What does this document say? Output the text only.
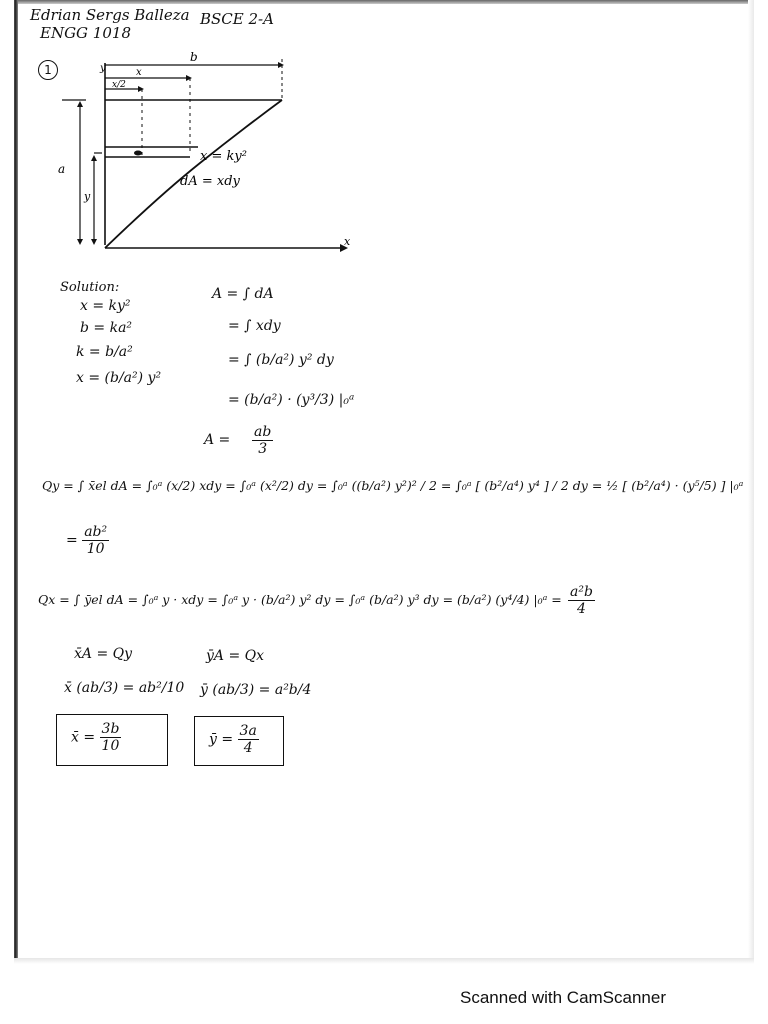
Edrian Sergs Balleza BSCE 2-A
ENGG 1018
1
b
x
x/2
y
a
y
x
x = ky²
dA = xdy
Solution:
x = ky²
b = ka²
k = b/a²
x = (b/a²) y²
A = ∫ dA
= ∫ xdy
= ∫ (b/a²) y² dy
= (b/a²) · (y³/3) |₀ᵃ
$A = \frac{ab}{3}$
Qy = ∫ x̄el dA = ∫₀ᵃ (x/2) xdy = ∫₀ᵃ (x²/2) dy = ∫₀ᵃ ((b/a²) y²)² / 2 = ∫₀ᵃ [ (b²/a⁴) y⁴ ] / 2 dy = ½ [ (b²/a⁴) · (y⁵/5) ] |₀ᵃ
= $\frac{\text{ab²}}{10}$
Qx = ∫ ȳel dA = ∫₀ᵃ y · xdy = ∫₀ᵃ y · (b/a²) y² dy = ∫₀ᵃ (b/a²) y³ dy = (b/a²) (y⁴/4) |₀ᵃ = $\frac{\text{a²b}}{4}$
x̄A = Qy	ȳA = Qx
x̄ (ab/3) = ab²/10 ȳ (ab/3) = a²b/4
x̄ = $\frac{3b}{10}$	ȳ = $\frac{3a}{4}$
Scanned with CamScanner
